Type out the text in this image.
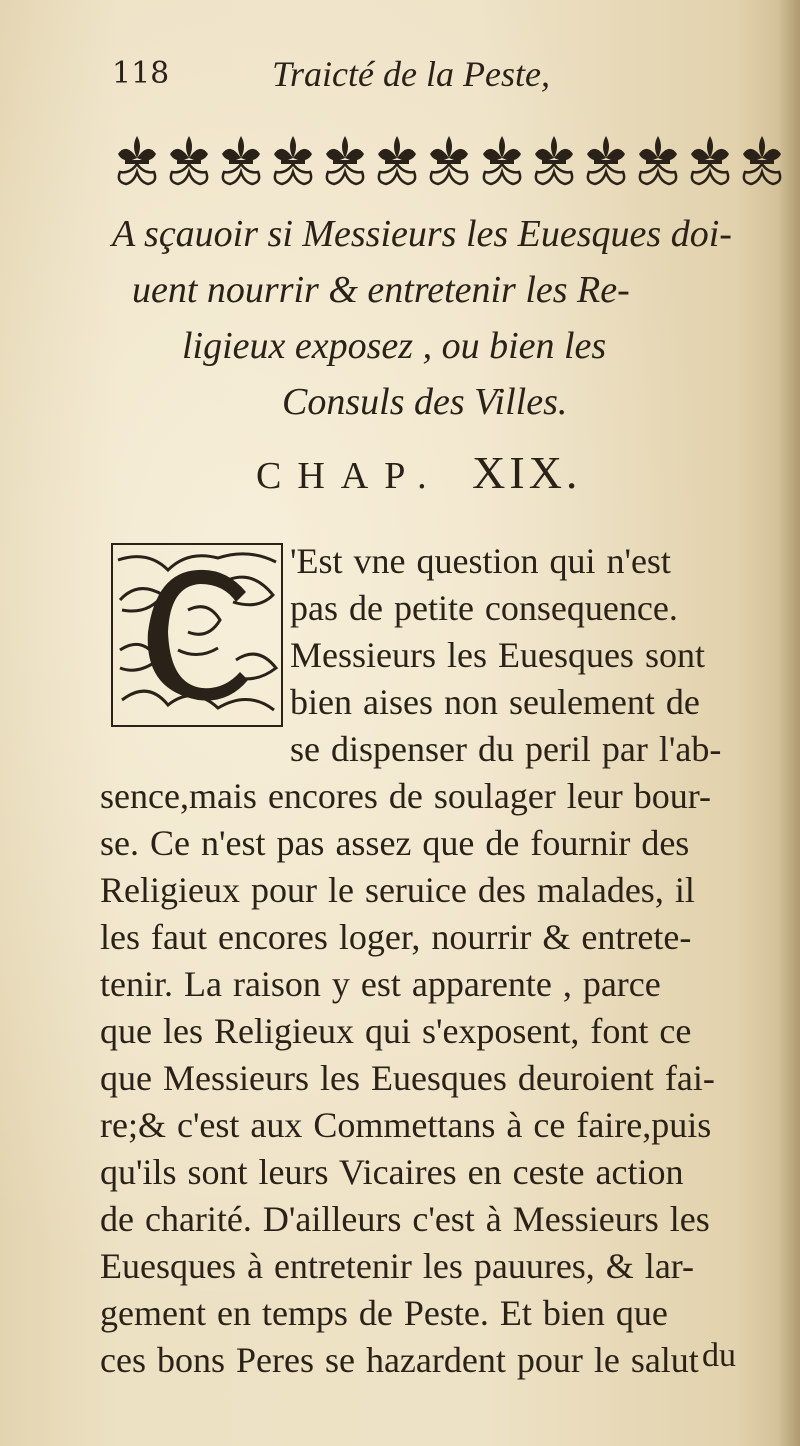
118	Traicté de la Peste,
A sçauoir si Messieurs les Euesques doi-
uent nourrir & entretenir les Re-
ligieux exposez , ou bien les
Consuls des Villes.
CHAP. XIX.
'Est vne question qui n'est
pas de petite consequence.
Messieurs les Euesques sont
bien aises non seulement de
se dispenser du peril par l'ab-
sence,mais encores de soulager leur bour-
se. Ce n'est pas assez que de fournir des
Religieux pour le seruice des malades, il
les faut encores loger, nourrir & entrete-
tenir. La raison y est apparente , parce
que les Religieux qui s'exposent, font ce
que Messieurs les Euesques deuroient fai-
re;& c'est aux Commettans à ce faire,puis
qu'ils sont leurs Vicaires en ceste action
de charité. D'ailleurs c'est à Messieurs les
Euesques à entretenir les pauures, & lar-
gement en temps de Peste. Et bien que
ces bons Peres se hazardent pour le salut du
